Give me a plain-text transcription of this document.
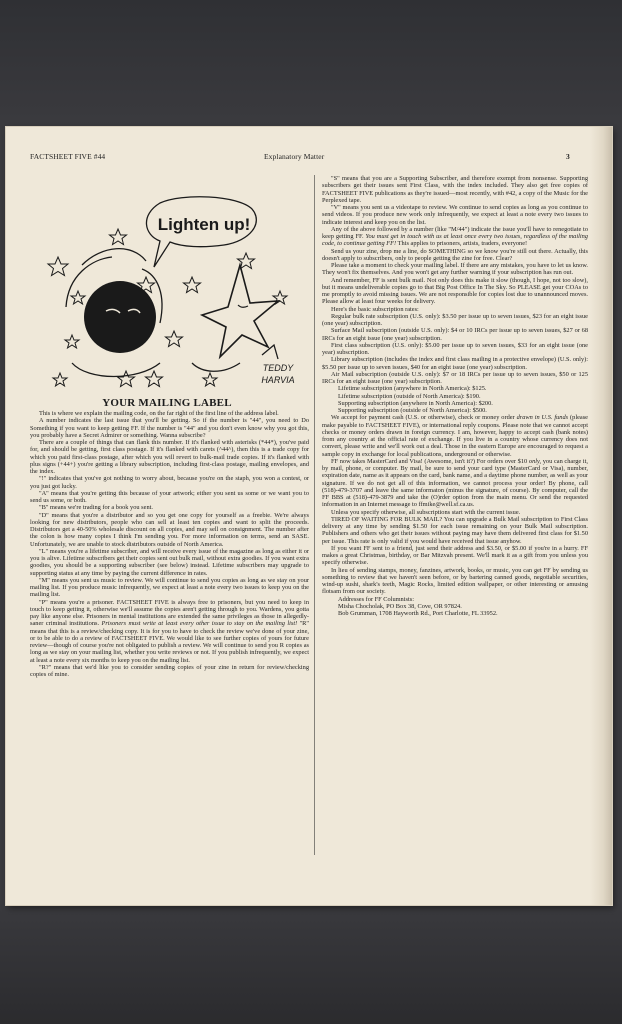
FACTSHEET FIVE #44	Explanatory Matter	3
Lighten up!
TEDDY
HARVIA
YOUR MAILING LABEL

This is where we explain the mailing code, on the far right of the first line of the address label.

A number indicates the last issue that you'll be getting. So if the number is "44", you need to Do Something if you want to keep getting FF. If the number is "44" and you don't even know why you got this, you probably have a Secret Admirer or something. Wanna subscribe?

There are a couple of things that can flank this number. If it's flanked with asterisks (*44*), you've paid for, and should be getting, first class postage. If it's flanked with carets (^44^), then this is a trade copy for which you paid first-class postage, after which you will revert to bulk-mail trade copies. If it's flanked with plus signs (+44+) you're getting a library subscription, including first-class postage, mailing envelopes, and the index.

"!" indicates that you've got nothing to worry about, because you're on the staph, you won a contest, or you just got lucky.

"A" means that you're getting this because of your artwork; either you sent us some or we want you to send us some, or both.

"B" means we're trading for a book you sent.

"D" means that you're a distributor and so you get one copy for yourself as a freebie. We're always looking for new distributors, people who can sell at least ten copies and want to split the proceeds. Distributors get a 40-50% wholesale discount on all copies, and may sell on consignment. The number after the colon is how many copies I think I'm sending you. For more information on terms, send an SASE. Unfortunately, we are unable to stock distributors outside of North America.

"L" means you're a lifetime subscriber, and will receive every issue of the magazine as long as either it or you is alive. Lifetime subscribers get their copies sent out bulk mail, without extra goodies. If you want extra goodies, you should be a supporting subscriber (see below) instead. Lifetime subscribers may upgrade to supporting status at any time by paying the current difference in rates.

"M" means you sent us music to review. We will continue to send you copies as long as we stay on your mailing list. If you produce music infrequently, we expect at least a note every two issues to keep you on the mailing list.

"P" means you're a prisoner. FACTSHEET FIVE is always free to prisoners, but you need to keep in touch to keep getting it, otherwise we'll assume the copies aren't getting through to you. Wardens, you gotta pay like anyone else. Prisoners in mental institutions are extended the same privileges as those in allegedly-saner criminal institutions. Prisoners must write at least every other issue to stay on the mailing list! "R" means that this is a review/checking copy. It is for you to have to check the review we've done of your zine, or to be able to do a review of FACTSHEET FIVE. We would like to see further copies of yours for future review—though of course you're not obligated to publish a review. We will continue to send you R copies as long as we stay on your mailing list, whether you write reviews or not. If you publish infrequently, we expect at least a note every six months to keep you on the mailing list.

"R?" means that we'd like you to consider sending copies of your zine in return for review/checking copies of mine.

"S" means that you are a Supporting Subscriber, and therefore exempt from nonsense. Supporting subscribers get their issues sent First Class, with the index included. They also get free copies of FACTSHEET FIVE publications as they're issued—most recently, with #42, a copy of the Music for the Perplexed tape.

"V" means you sent us a videotape to review. We continue to send copies as long as you continue to send videos. If you produce new work only infrequently, we expect at least a note every two issues to indicate interest and keep you on the list.

Any of the above followed by a number (like "M/44") indicate the issue you'll have to renegotiate to keep getting FF. You must get in touch with us at least once every two issues, regardless of the mailing code, to continue getting FF! This applies to prisoners, artists, traders, everyone!

Send us your zine, drop me a line, do SOMETHING so we know you're still out there. Actually, this doesn't apply to subscribers, only to people getting the zine for free. Clear?

Please take a moment to check your mailing label. If there are any mistakes, you have to let us know. They won't fix themselves. And you won't get any further warning if your subscription has run out.

And remember, FF is sent bulk mail. Not only does this make it slow (though, I hope, not too slow), but it means undeliverable copies go to that Big Post Office In The Sky. So PLEASE get your COAs to me promptly to avoid missing issues. We are not responsible for copies lost due to unannounced moves. Please allow at least four weeks for delivery.

Here's the basic subscription rates:

Regular bulk rate subscription (U.S. only): $3.50 per issue up to seven issues, $23 for an eight issue (one year) subscription.

Surface Mail subscription (outside U.S. only): $4 or 10 IRCs per issue up to seven issues, $27 or 68 IRCs for an eight issue (one year) subscription.

First class subscription (U.S. only): $5.00 per issue up to seven issues, $33 for an eight issue (one year) subscription.

Library subscription (includes the index and first class mailing in a protective envelope) (U.S. only): $5.50 per issue up to seven issues, $40 for an eight issue (one year) subscription.

Air Mail subscription (outside U.S. only): $7 or 18 IRCs per issue up to seven issues, $50 or 125 IRCs for an eight issue (one year) subscription.

Lifetime subscription (anywhere in North America): $125.

Lifetime subscription (outside of North America): $190.

Supporting subscription (anywhere in North America): $200.

Supporting subscription (outside of North America): $500.

We accept for payment cash (U.S. or otherwise), check or money order drawn in U.S. funds (please make payable to FACTSHEET FIVE), or international reply coupons. Please note that we cannot accept checks or money orders drawn in foreign currency. I am, however, happy to accept cash (bank notes) from any country at the official rate of exchange. If you live in a country whose currency does not convert, please write and we'll work out a deal. Those in the eastern Europe are encouraged to request a sample copy in exchange for local publications, underground or otherwise.

FF now takes MasterCard and Visa! (Awesome, isn't it?) For orders over $10 only, you can charge it, by mail, phone, or computer. By mail, be sure to send your card type (MasterCard or Visa), number, expiration date, name as it appears on the card, bank name, and a daytime phone number, as well as your signature. If we do not get all of this information, we cannot process your order! By phone, call (518)-479-3707 and leave the same informaton (minus the signature, of course). By computer, call the FF BBS at (518)-479-3879 and take the (O)rder option from the main menu. Or send the requested information in an Internet message to ffmike@well.sf.ca.us.

Unless you specify otherwise, all subscriptions start with the current issue.

TIRED OF WAITING FOR BULK MAIL? You can upgrade a Bulk Mail subscription to First Class delivery at any time by sending $1.50 for each issue remaining on your Bulk Mail subscription. Publishers and others who get their issues without paying may have them delivered first class for $1.50 per issue. This rate is only valid if you would have received that issue anyhow.

If you want FF sent to a friend, just send their address and $3.50, or $5.00 if you're in a hurry. FF makes a great Christmas, birthday, or Bar Mitzvah present. We'll mark it as a gift from you unless you specify otherwise.

In lieu of sending stamps, money, fanzines, artwork, books, or music, you can get FF by sending us something to review that we haven't seen before, or by bartering canned goods, negotiable securities, wind-up sushi, shark's teeth, Magic Rocks, limited edition wallpaper, or other interesting or amusing flotsam from our society.

Addresses for FF Columnists:

Misha Chocholak, PO Box 38, Cove, OR 97824.

Bob Grumman, 1708 Hayworth Rd., Port Charlotte, FL 33952.
